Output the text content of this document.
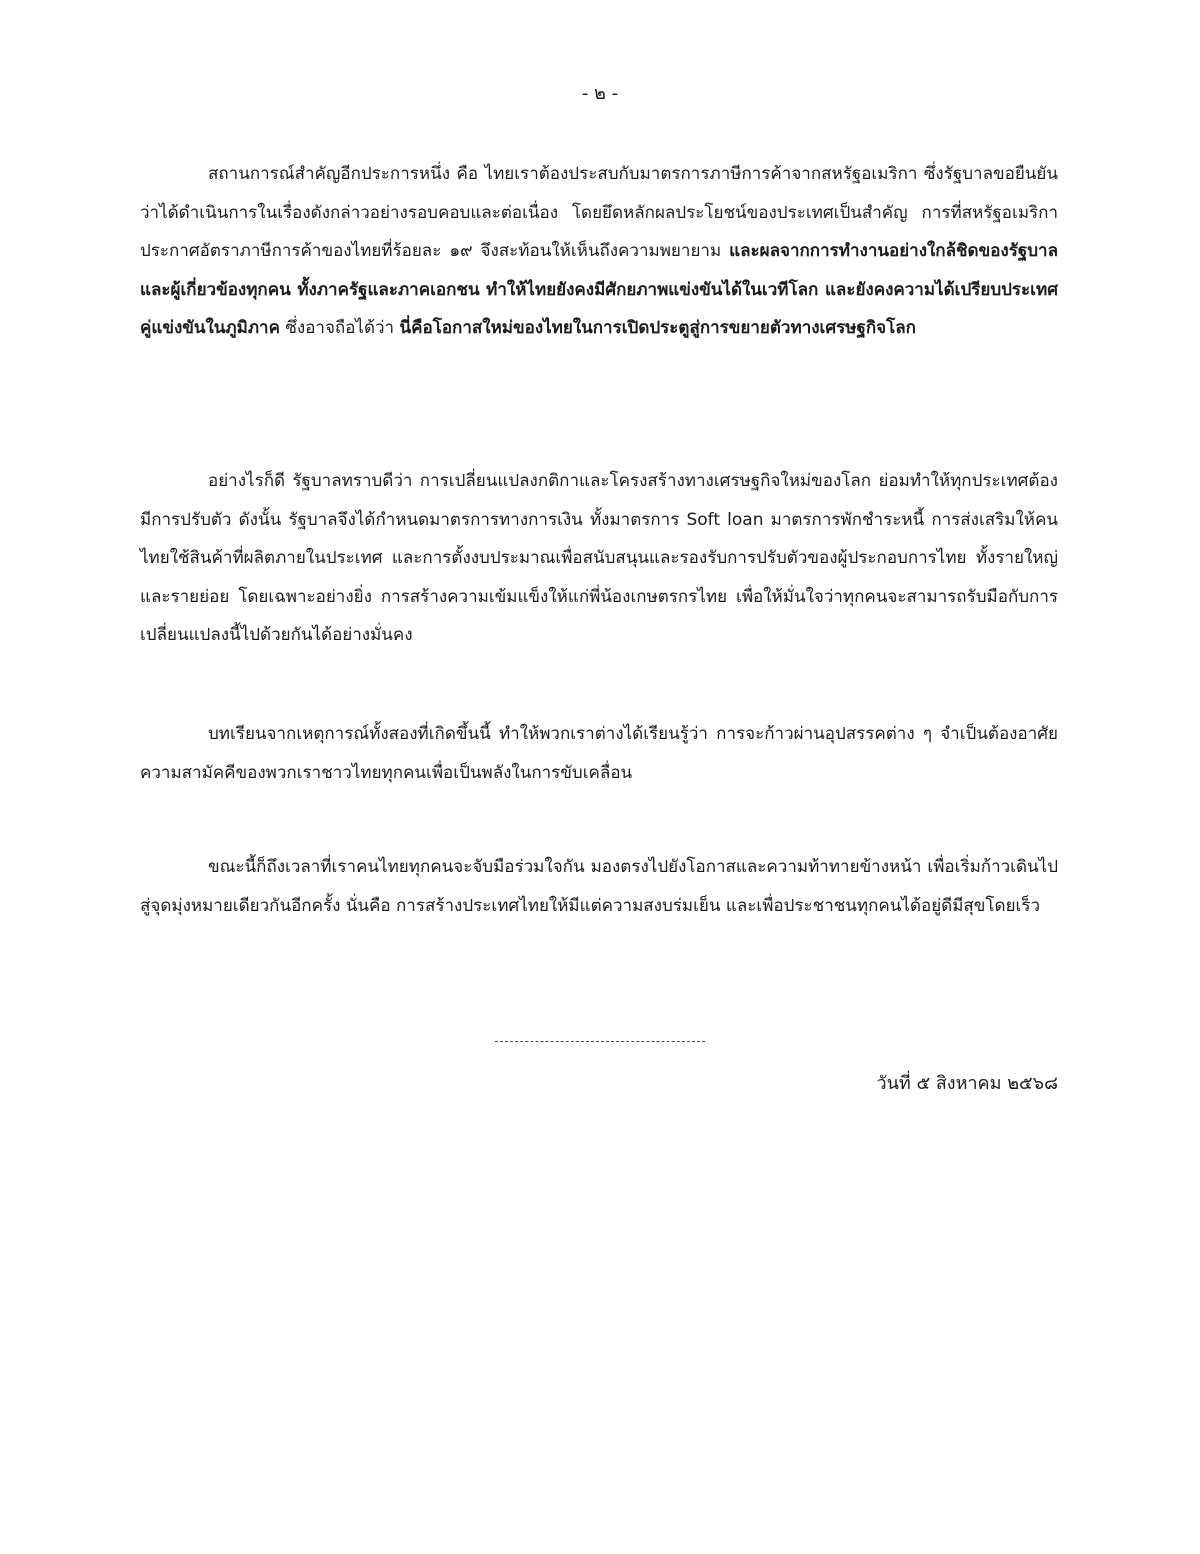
- ๒ -

สถานการณ์สำคัญอีกประการหนึ่ง คือ ไทยเราต้องประสบกับมาตรการภาษีการค้าจากสหรัฐอเมริกา ซึ่งรัฐบาลขอยืนยันว่าได้ดำเนินการในเรื่องดังกล่าวอย่างรอบคอบและต่อเนื่อง โดยยึดหลักผลประโยชน์ของประเทศเป็นสำคัญ การที่สหรัฐอเมริกาประกาศอัตราภาษีการค้าของไทยที่ร้อยละ ๑๙ จึงสะท้อนให้เห็นถึงความพยายาม และผลจากการทำงานอย่างใกล้ชิดของรัฐบาลและผู้เกี่ยวข้องทุกคน ทั้งภาครัฐและภาคเอกชน ทำให้ไทยยังคงมีศักยภาพแข่งขันได้ในเวทีโลก และยังคงความได้เปรียบประเทศคู่แข่งขันในภูมิภาค ซึ่งอาจถือได้ว่า นี่คือโอกาสใหม่ของไทยในการเปิดประตูสู่การขยายตัวทางเศรษฐกิจโลก

อย่างไรก็ดี รัฐบาลทราบดีว่า การเปลี่ยนแปลงกติกาและโครงสร้างทางเศรษฐกิจใหม่ของโลก ย่อมทำให้ทุกประเทศต้องมีการปรับตัว ดังนั้น รัฐบาลจึงได้กำหนดมาตรการทางการเงิน ทั้งมาตรการ Soft loan มาตรการพักชำระหนี้ การส่งเสริมให้คนไทยใช้สินค้าที่ผลิตภายในประเทศ และการตั้งงบประมาณเพื่อสนับสนุนและรองรับการปรับตัวของผู้ประกอบการไทย ทั้งรายใหญ่และรายย่อย โดยเฉพาะอย่างยิ่ง การสร้างความเข้มแข็งให้แก่พี่น้องเกษตรกรไทย เพื่อให้มั่นใจว่าทุกคนจะสามารถรับมือกับการเปลี่ยนแปลงนี้ไปด้วยกันได้อย่างมั่นคง

บทเรียนจากเหตุการณ์ทั้งสองที่เกิดขึ้นนี้ ทำให้พวกเราต่างได้เรียนรู้ว่า การจะก้าวผ่านอุปสรรคต่าง ๆ จำเป็นต้องอาศัยความสามัคคีของพวกเราชาวไทยทุกคนเพื่อเป็นพลังในการขับเคลื่อน

ขณะนี้ก็ถึงเวลาที่เราคนไทยทุกคนจะจับมือร่วมใจกัน มองตรงไปยังโอกาสและความท้าทายข้างหน้า เพื่อเริ่มก้าวเดินไปสู่จุดมุ่งหมายเดียวกันอีกครั้ง นั่นคือ การสร้างประเทศไทยให้มีแต่ความสงบร่มเย็น และเพื่อประชาชนทุกคนได้อยู่ดีมีสุขโดยเร็ว

วันที่ ๕ สิงหาคม ๒๕๖๘
